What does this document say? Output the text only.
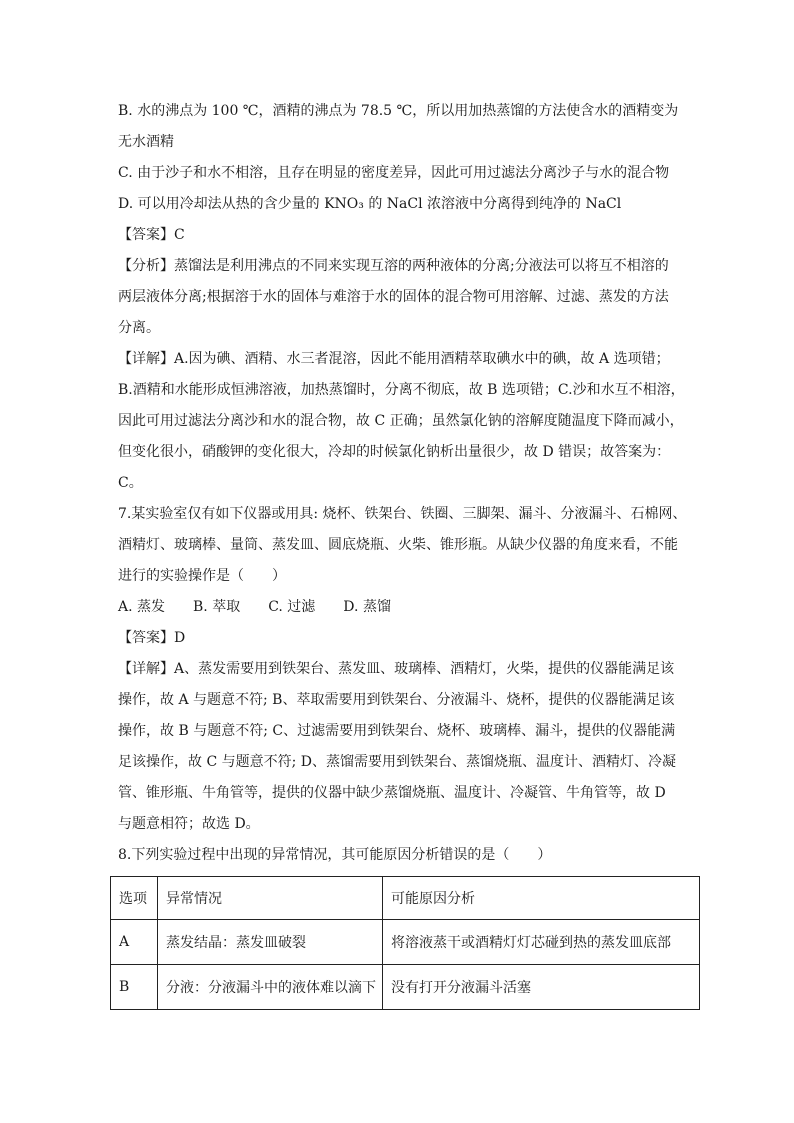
B. 水的沸点为 100 ℃，酒精的沸点为 78.5 ℃，所以用加热蒸馏的方法使含水的酒精变为

无水酒精

C. 由于沙子和水不相溶，且存在明显的密度差异，因此可用过滤法分离沙子与水的混合物

D. 可以用冷却法从热的含少量的 KNO₃ 的 NaCl 浓溶液中分离得到纯净的 NaCl

【答案】C

【分析】蒸馏法是利用沸点的不同来实现互溶的两种液体的分离;分液法可以将互不相溶的

两层液体分离;根据溶于水的固体与难溶于水的固体的混合物可用溶解、过滤、蒸发的方法

分离。

【详解】A.因为碘、酒精、水三者混溶，因此不能用酒精萃取碘水中的碘，故 A 选项错；

B.酒精和水能形成恒沸溶液，加热蒸馏时，分离不彻底，故 B 选项错；C.沙和水互不相溶，

因此可用过滤法分离沙和水的混合物，故 C 正确；虽然氯化钠的溶解度随温度下降而减小，

但变化很小，硝酸钾的变化很大，冷却的时候氯化钠析出量很少，故 D 错误；故答案为：

C。

7.某实验室仅有如下仪器或用具: 烧杯、铁架台、铁圈、三脚架、漏斗、分液漏斗、石棉网、

酒精灯、玻璃棒、量筒、蒸发皿、圆底烧瓶、火柴、锥形瓶。从缺少仪器的角度来看，不能

进行的实验操作是（　　）

A. 蒸发　　B. 萃取　　C. 过滤　　D. 蒸馏

【答案】D

【详解】A、蒸发需要用到铁架台、蒸发皿、玻璃棒、酒精灯，火柴，提供的仪器能满足该

操作，故 A 与题意不符; B、萃取需要用到铁架台、分液漏斗、烧杯，提供的仪器能满足该

操作，故 B 与题意不符; C、过滤需要用到铁架台、烧杯、玻璃棒、漏斗，提供的仪器能满

足该操作，故 C 与题意不符; D、蒸馏需要用到铁架台、蒸馏烧瓶、温度计、酒精灯、冷凝

管、锥形瓶、牛角管等，提供的仪器中缺少蒸馏烧瓶、温度计、冷凝管、牛角管等，故 D

与题意相符；故选 D。

8.下列实验过程中出现的异常情况，其可能原因分析错误的是（　　）

选项	异常情况	可能原因分析
A	蒸发结晶：蒸发皿破裂	将溶液蒸干或酒精灯灯芯碰到热的蒸发皿底部
B	分液：分液漏斗中的液体难以滴下	没有打开分液漏斗活塞
